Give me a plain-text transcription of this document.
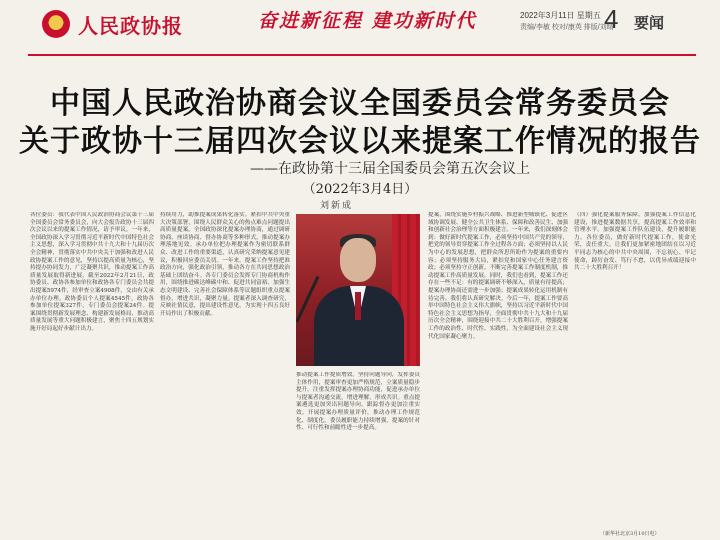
人民政协报	奋进新征程 建功新时代	2022年3月11日 星期五
责编/李敏 校对/康英 排版/刘晴
4 要闻
中国人民政治协商会议全国委员会常务委员会
关于政协十三届四次会议以来提案工作情况的报告
——在政协第十三届全国委员会第五次会议上
（2022年3月4日）
刘新成
各位委员：我代表中国人民政治协商会议第十三届全国委员会常务委员会，向大会报告政协十三届四次会议以来的提案工作情况，请予审议。一年来，全国政协深入学习贯彻习近平新时代中国特色社会主义思想，深入学习贯彻中共十九大和十九届历次全会精神，贯彻落实中共中央关于加强和改进人民政协提案工作的意见，坚持以提高质量为核心，坚持提办协同发力，广泛凝聚共识，推动提案工作高质量发展取得新进展。截至2022年2月21日，政协委员、政协各参加单位和政协各专门委员会共提出提案5974件，经审查立案4908件，交由有关承办单位办理。政协委员个人提案4545件，政协各参加单位提案327件，专门委员会提案24件。提案围绕贯彻新发展理念、构建新发展格局、推动高质量发展等重大问题积极建言，聚焦十四五规划实施开好局起好步献计出力。
持续用力，助推提案成果转化落实。紧扣中共中央重大决策部署，围绕人民群众关心的热点难点问题提出高质量提案。全国政协深化提案办理协商，通过调研协商、座谈协商、督办协商等多种形式，推动提案办理落地见效。承办单位把办理提案作为密切联系群众、改进工作的重要渠道，认真研究采纳提案意见建议，积极回应委员关切。一年来，提案工作坚持把准政治方向，强化政治引领，推动各方在共同思想政治基础上团结奋斗。各专门委员会发挥专门协商机构作用，围绕推进碳达峰碳中和、促进共同富裕、加强生态文明建设、完善社会保障体系等议题组织重点提案督办，增进共识，凝聚力量。提案者深入调查研究，反映社情民意，提出建设性意见，为实现十四五良好开局作出了积极贡献。
推动提案工作提质增效。坚持问题导向，发挥委员主体作用，提案审查更加严格规范，立案质量稳步提升。注重发挥提案办理协商功能，促进承办单位与提案者沟通交流，增进理解，形成共识。重点提案遴选更加突出问题导向，跟踪督办更加注重实效。开展提案办理质量评价，推动办理工作规范化、制度化。委员履职能力持续增强，提案的针对性、可行性和前瞻性进一步提高。
提案，围绕实施乡村振兴战略、推进新型城镇化、促进区域协调发展、健全公共卫生体系、保障和改善民生、加强和创新社会治理等方面积极建言。一年来，我们深刻体会到：做好新时代提案工作，必须坚持中国共产党的领导，把党的领导贯穿提案工作全过程各方面；必须坚持以人民为中心的发展思想，把群众所思所盼作为提案的重要内容；必须坚持服务大局，紧扣党和国家中心任务建言资政；必须坚持守正创新，不断完善提案工作制度机制，推动提案工作高质量发展。同时，我们也看到，提案工作还存在一些不足：有的提案调研不够深入，质量有待提高；提案办理协商还需进一步加强；提案成果转化运用机制有待完善。我们将认真研究解决。今后一年，提案工作要高举中国特色社会主义伟大旗帜，坚持以习近平新时代中国特色社会主义思想为指导，全面贯彻中共十九大和十九届历次全会精神，围绕迎接中共二十大胜利召开，增强提案工作的政治性、时代性、实践性，为全面建设社会主义现代化国家凝心聚力。
（四）强化提案服务保障。加强提案工作信息化建设，推进提案数据共享，提高提案工作效率和管理水平。加强提案工作队伍建设，提升履职能力。各位委员，做好新时代提案工作，使命光荣，责任重大。让我们更加紧密地团结在以习近平同志为核心的中共中央周围，不忘初心、牢记使命，踔厉奋发、笃行不怠，以优异成绩迎接中共二十大胜利召开！
（新华社北京3月10日电）
